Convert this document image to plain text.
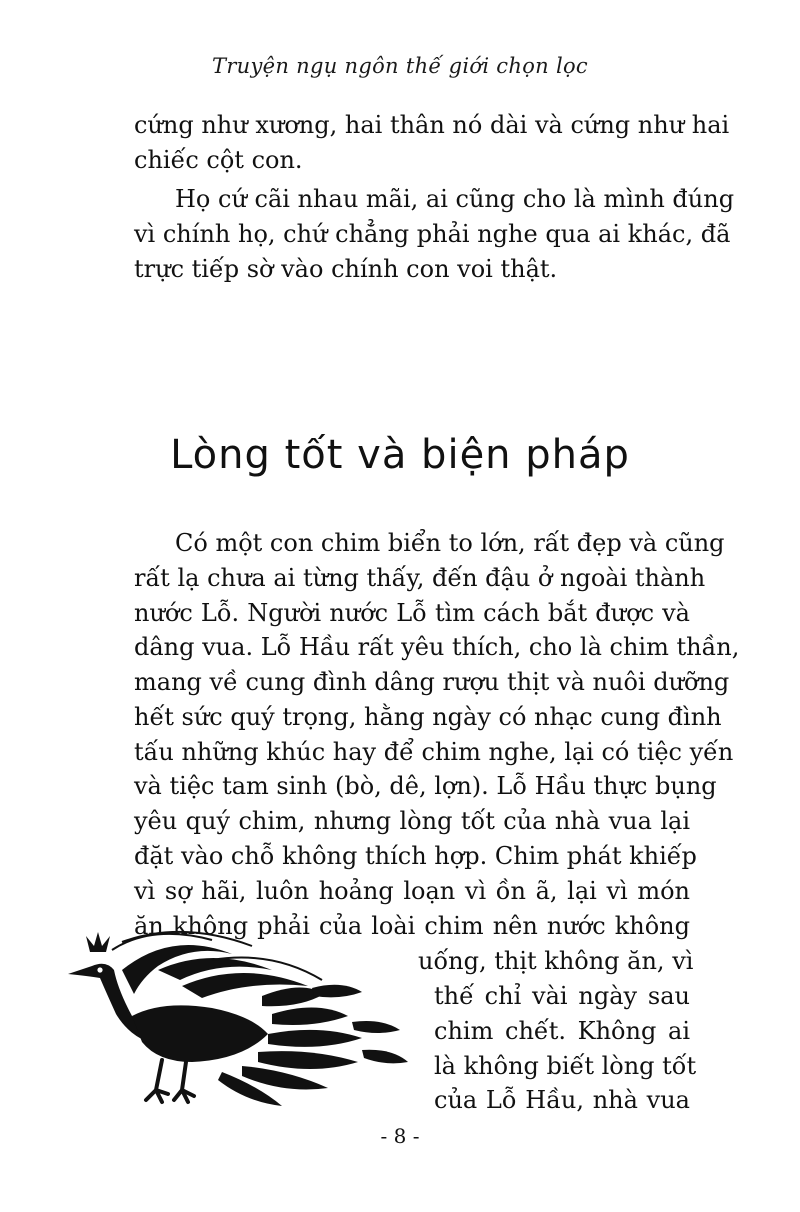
Truyện ngụ ngôn thế giới chọn lọc
cứng như xương, hai thân nó dài và cứng như hai
chiếc cột con.
Họ cứ cãi nhau mãi, ai cũng cho là mình đúng
vì chính họ, chứ chẳng phải nghe qua ai khác, đã
trực tiếp sờ vào chính con voi thật.
Lòng tốt và biện pháp
Có một con chim biển to lớn, rất đẹp và cũng
rất lạ chưa ai từng thấy, đến đậu ở ngoài thành
nước Lỗ. Người nước Lỗ tìm cách bắt được và
dâng vua. Lỗ Hầu rất yêu thích, cho là chim thần,
mang về cung đình dâng rượu thịt và nuôi dưỡng
hết sức quý trọng, hằng ngày có nhạc cung đình
tấu những khúc hay để chim nghe, lại có tiệc yến
và tiệc tam sinh (bò, dê, lợn). Lỗ Hầu thực bụng
yêu quý chim, nhưng lòng tốt của nhà vua lại
đặt vào chỗ không thích hợp. Chim phát khiếp
vì sợ hãi, luôn hoảng loạn vì ồn ã, lại vì món
ăn không phải của loài chim nên nước không
uống, thịt không ăn, vì
thế chỉ vài ngày sau
chim chết. Không ai
là không biết lòng tốt
của Lỗ Hầu, nhà vua
- 8 -
